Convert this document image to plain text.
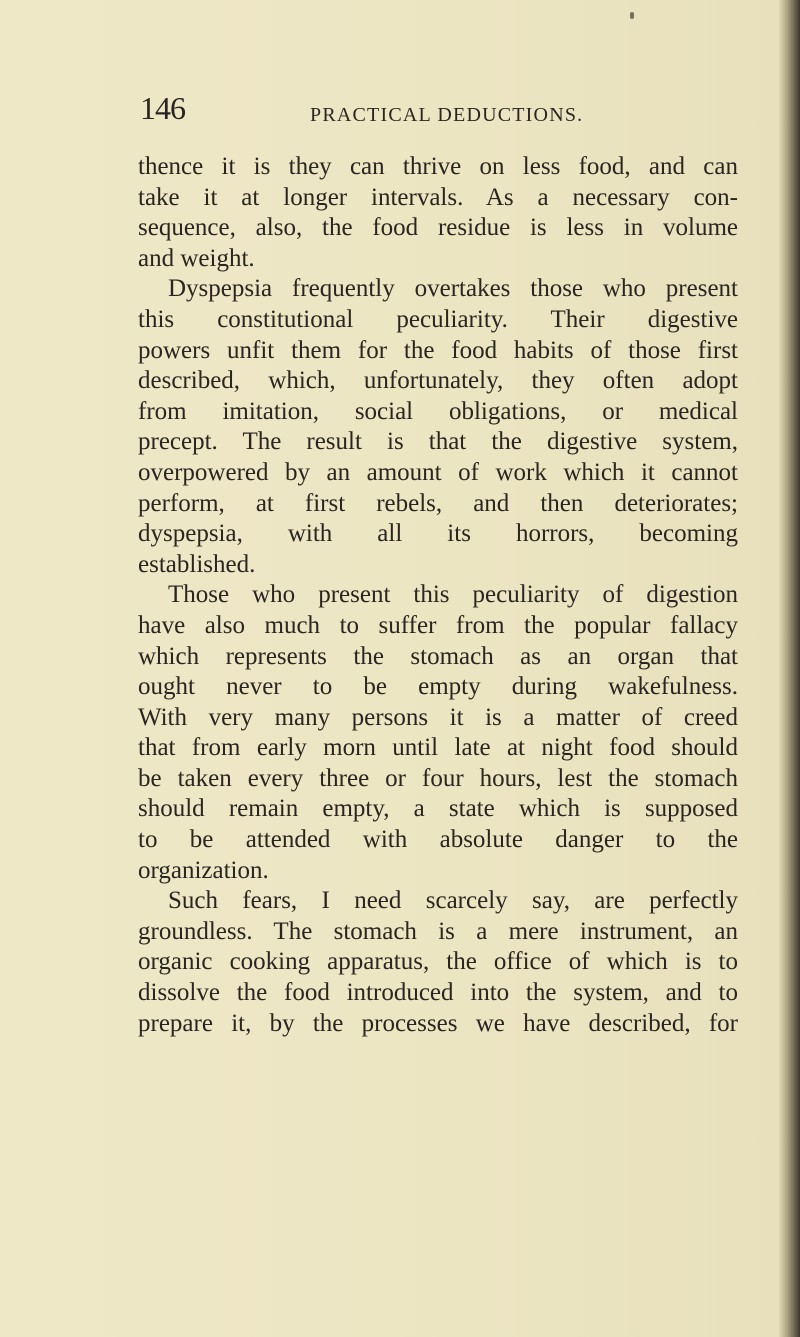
146	PRACTICAL DEDUCTIONS.
thence it is they can thrive on less food, and can
take it at longer intervals. As a necessary con-
sequence, also, the food residue is less in volume
and weight.
Dyspepsia frequently overtakes those who present
this constitutional peculiarity. Their digestive
powers unfit them for the food habits of those first
described, which, unfortunately, they often adopt
from imitation, social obligations, or medical
precept. The result is that the digestive system,
overpowered by an amount of work which it cannot
perform, at first rebels, and then deteriorates;
dyspepsia, with all its horrors, becoming
established.
Those who present this peculiarity of digestion
have also much to suffer from the popular fallacy
which represents the stomach as an organ that
ought never to be empty during wakefulness.
With very many persons it is a matter of creed
that from early morn until late at night food should
be taken every three or four hours, lest the stomach
should remain empty, a state which is supposed
to be attended with absolute danger to the
organization.
Such fears, I need scarcely say, are perfectly
groundless. The stomach is a mere instrument, an
organic cooking apparatus, the office of which is to
dissolve the food introduced into the system, and to
prepare it, by the processes we have described, for
